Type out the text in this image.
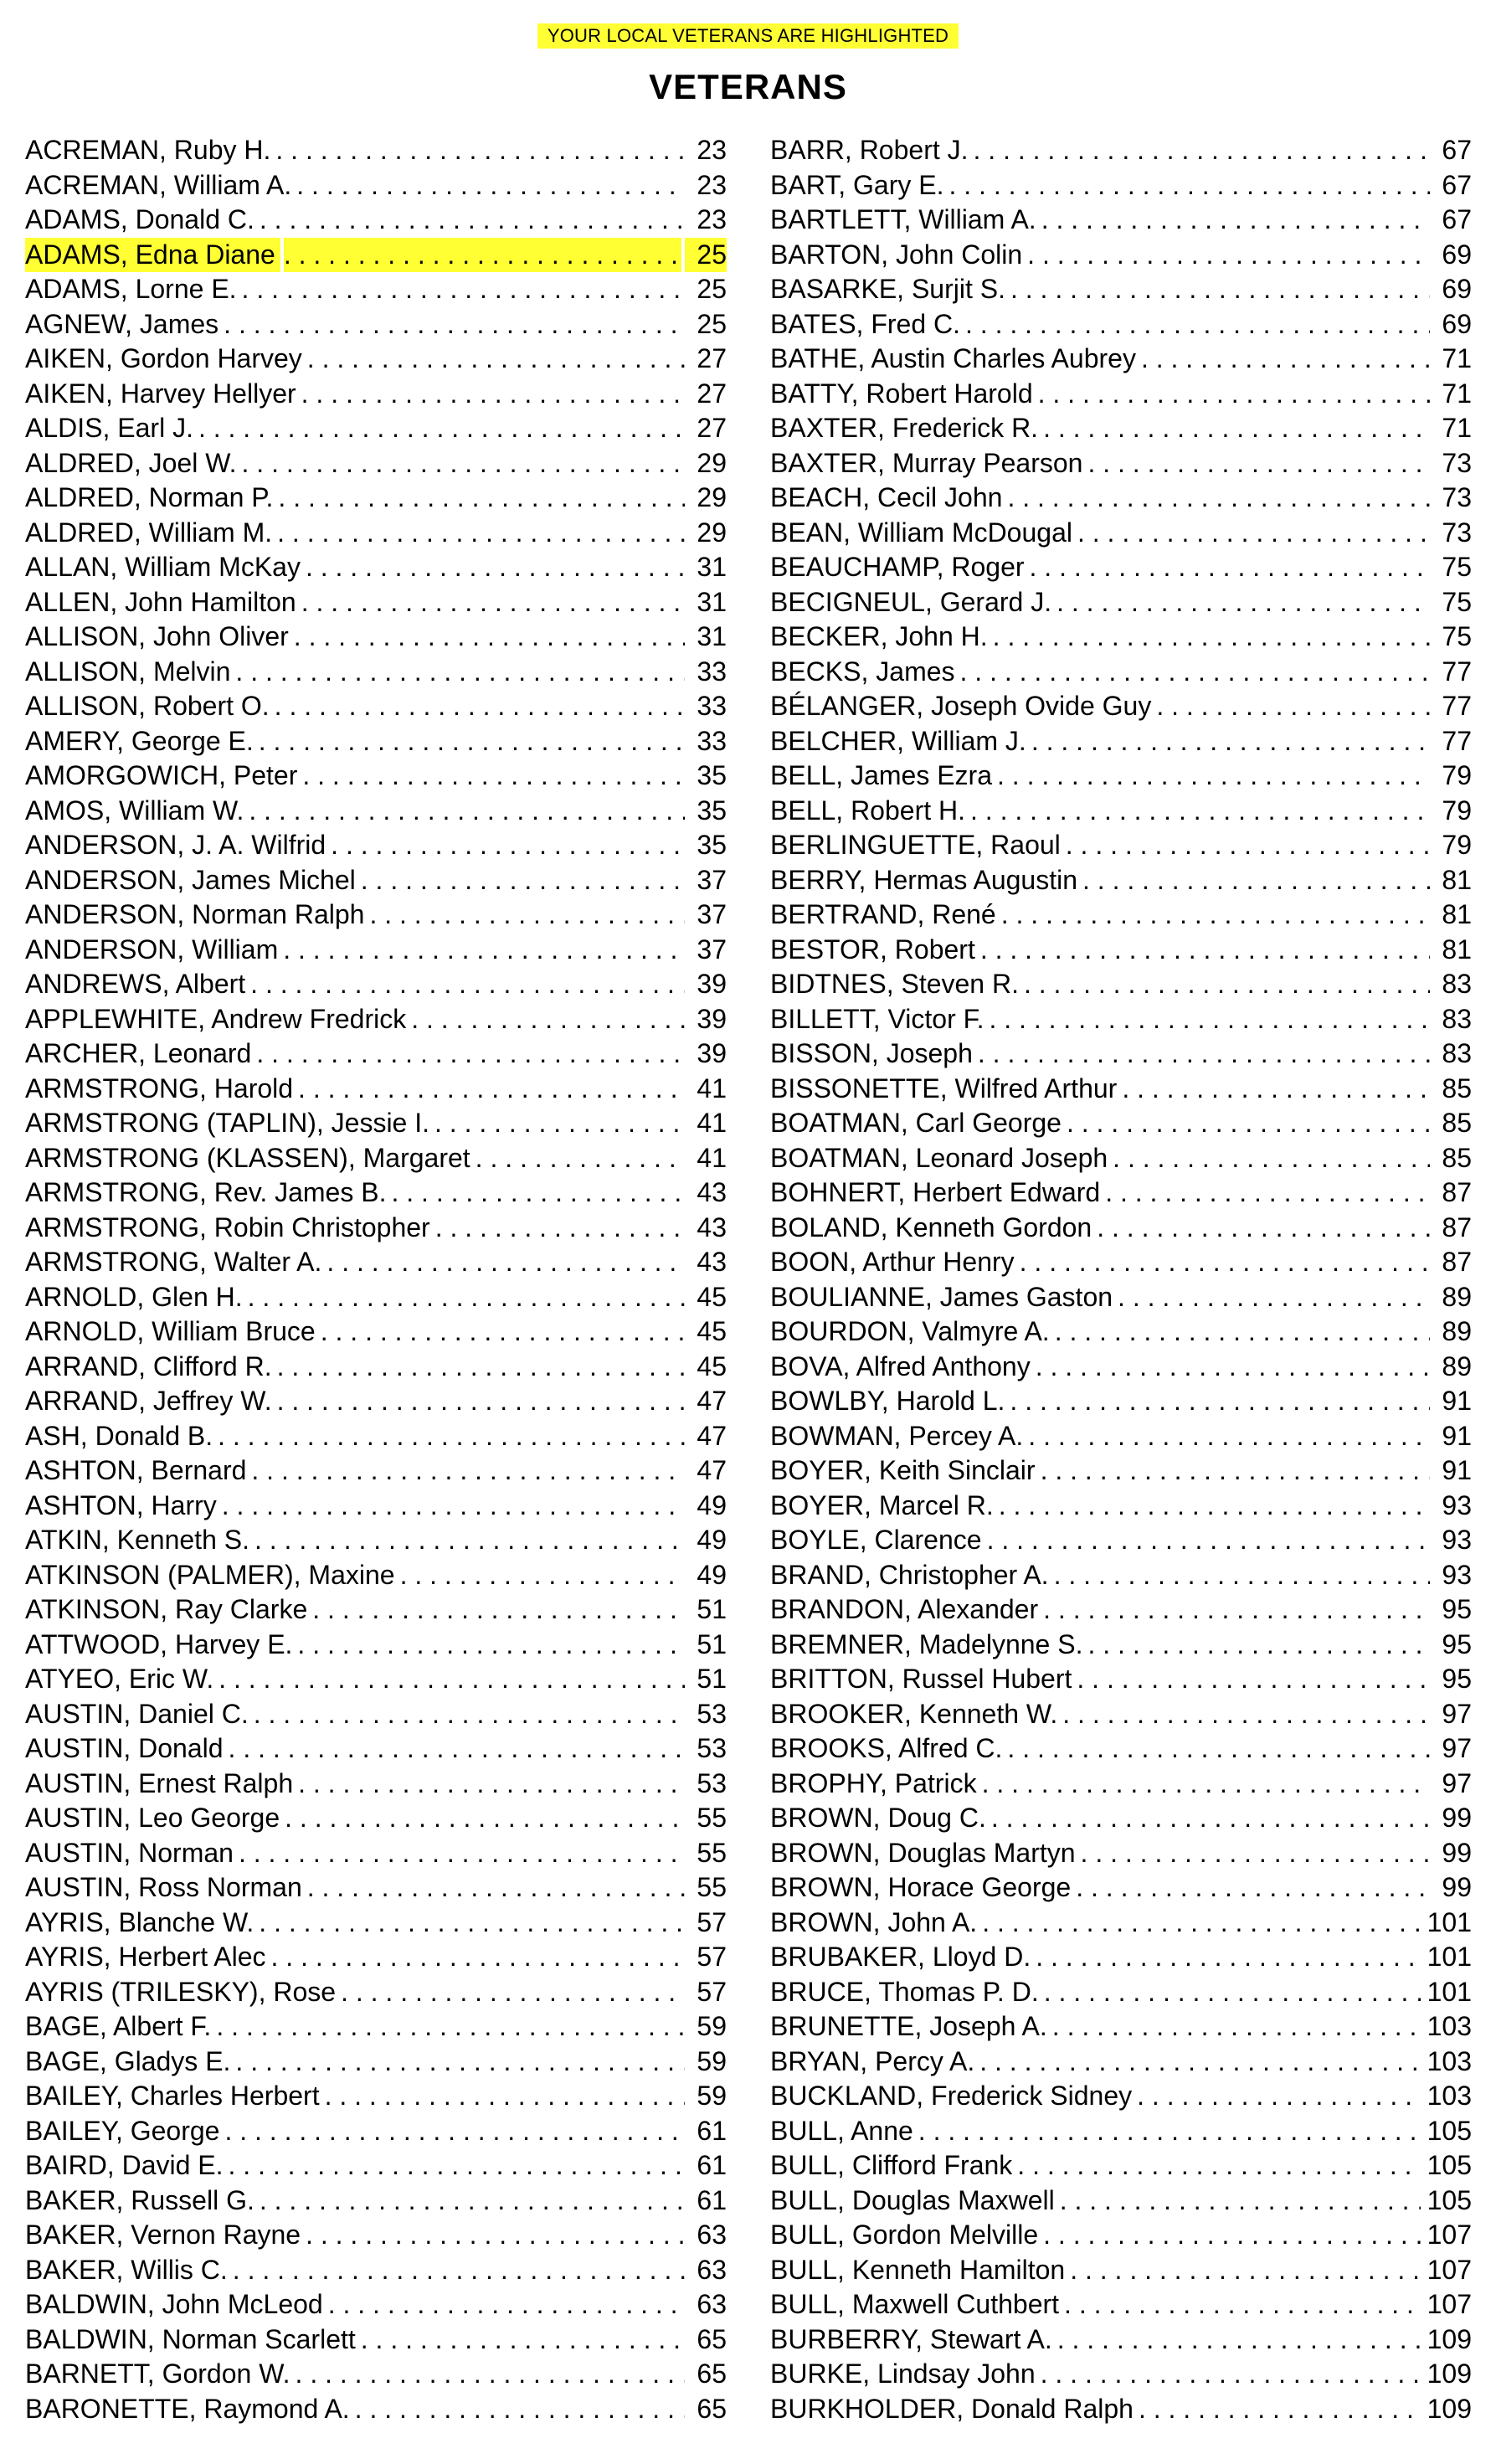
YOUR LOCAL VETERANS ARE HIGHLIGHTED
VETERANS
ACREMAN, Ruby H. . . .	23
ACREMAN, William A. . . .	23
ADAMS, Donald C. . . .	23
ADAMS, Edna Diane . . .	25
ADAMS, Lorne E. . . .	25
AGNEW, James . . .	25
AIKEN, Gordon Harvey . . .	27
AIKEN, Harvey Hellyer . . .	27
ALDIS, Earl J. . . .	27
ALDRED, Joel W. . . .	29
ALDRED, Norman P. . . .	29
ALDRED, William M. . . .	29
ALLAN, William McKay . . .	31
ALLEN, John Hamilton . . .	31
ALLISON, John Oliver . . .	31
ALLISON, Melvin . . .	33
ALLISON, Robert O. . . .	33
AMERY, George E. . . .	33
AMORGOWICH, Peter . . .	35
AMOS, William W. . . .	35
ANDERSON, J. A. Wilfrid . . .	35
ANDERSON, James Michel . . .	37
ANDERSON, Norman Ralph . . .	37
ANDERSON, William . . .	37
ANDREWS, Albert . . .	39
APPLEWHITE, Andrew Fredrick . . .	39
ARCHER, Leonard . . .	39
ARMSTRONG, Harold . . .	41
ARMSTRONG (TAPLIN), Jessie I. . . .	41
ARMSTRONG (KLASSEN), Margaret . . .	41
ARMSTRONG, Rev. James B. . . .	43
ARMSTRONG, Robin Christopher . . .	43
ARMSTRONG, Walter A. . . .	43
ARNOLD, Glen H. . . .	45
ARNOLD, William Bruce . . .	45
ARRAND, Clifford R. . . .	45
ARRAND, Jeffrey W. . . .	47
ASH, Donald B. . . .	47
ASHTON, Bernard . . .	47
ASHTON, Harry . . .	49
ATKIN, Kenneth S. . . .	49
ATKINSON (PALMER), Maxine . . .	49
ATKINSON, Ray Clarke . . .	51
ATTWOOD, Harvey E. . . .	51
ATYEO, Eric W. . . .	51
AUSTIN, Daniel C. . . .	53
AUSTIN, Donald . . .	53
AUSTIN, Ernest Ralph . . .	53
AUSTIN, Leo George . . .	55
AUSTIN, Norman . . .	55
AUSTIN, Ross Norman . . .	55
AYRIS, Blanche W. . . .	57
AYRIS, Herbert Alec . . .	57
AYRIS (TRILESKY), Rose . . .	57
BAGE, Albert F. . . .	59
BAGE, Gladys E. . . .	59
BAILEY, Charles Herbert . . .	59
BAILEY, George . . .	61
BAIRD, David E. . . .	61
BAKER, Russell G. . . .	61
BAKER, Vernon Rayne . . .	63
BAKER, Willis C. . . .	63
BALDWIN, John McLeod . . .	63
BALDWIN, Norman Scarlett . . .	65
BARNETT, Gordon W. . . .	65
BARONETTE, Raymond A. . . .	65
BARR, Robert J. . . .	67
BART, Gary E. . . .	67
BARTLETT, William A. . . .	67
BARTON, John Colin . . .	69
BASARKE, Surjit S. . . .	69
BATES, Fred C. . . .	69
BATHE, Austin Charles Aubrey . . .	71
BATTY, Robert Harold . . .	71
BAXTER, Frederick R. . . .	71
BAXTER, Murray Pearson . . .	73
BEACH, Cecil John . . .	73
BEAN, William McDougal . . .	73
BEAUCHAMP, Roger . . .	75
BECIGNEUL, Gerard J. . . .	75
BECKER, John H. . . .	75
BECKS, James . . .	77
BÉLANGER, Joseph Ovide Guy . . .	77
BELCHER, William J. . . .	77
BELL, James Ezra . . .	79
BELL, Robert H. . . .	79
BERLINGUETTE, Raoul . . .	79
BERRY, Hermas Augustin . . .	81
BERTRAND, René . . .	81
BESTOR, Robert . . .	81
BIDTNES, Steven R. . . .	83
BILLETT, Victor F. . . .	83
BISSON, Joseph . . .	83
BISSONETTE, Wilfred Arthur . . .	85
BOATMAN, Carl George . . .	85
BOATMAN, Leonard Joseph . . .	85
BOHNERT, Herbert Edward . . .	87
BOLAND, Kenneth Gordon . . .	87
BOON, Arthur Henry . . .	87
BOULIANNE, James Gaston . . .	89
BOURDON, Valmyre A. . . .	89
BOVA, Alfred Anthony . . .	89
BOWLBY, Harold L. . . .	91
BOWMAN, Percey A. . . .	91
BOYER, Keith Sinclair . . .	91
BOYER, Marcel R. . . .	93
BOYLE, Clarence . . .	93
BRAND, Christopher A. . . .	93
BRANDON, Alexander . . .	95
BREMNER, Madelynne S. . . .	95
BRITTON, Russel Hubert . . .	95
BROOKER, Kenneth W. . . .	97
BROOKS, Alfred C. . . .	97
BROPHY, Patrick . . .	97
BROWN, Doug C. . . .	99
BROWN, Douglas Martyn . . .	99
BROWN, Horace George . . .	99
BROWN, John A. . . .	101
BRUBAKER, Lloyd D. . . .	101
BRUCE, Thomas P. D. . . .	101
BRUNETTE, Joseph A. . . .	103
BRYAN, Percy A. . . .	103
BUCKLAND, Frederick Sidney . . .	103
BULL, Anne . . .	105
BULL, Clifford Frank . . .	105
BULL, Douglas Maxwell . . .	105
BULL, Gordon Melville . . .	107
BULL, Kenneth Hamilton . . .	107
BULL, Maxwell Cuthbert . . .	107
BURBERRY, Stewart A. . . .	109
BURKE, Lindsay John . . .	109
BURKHOLDER, Donald Ralph . . .	109
